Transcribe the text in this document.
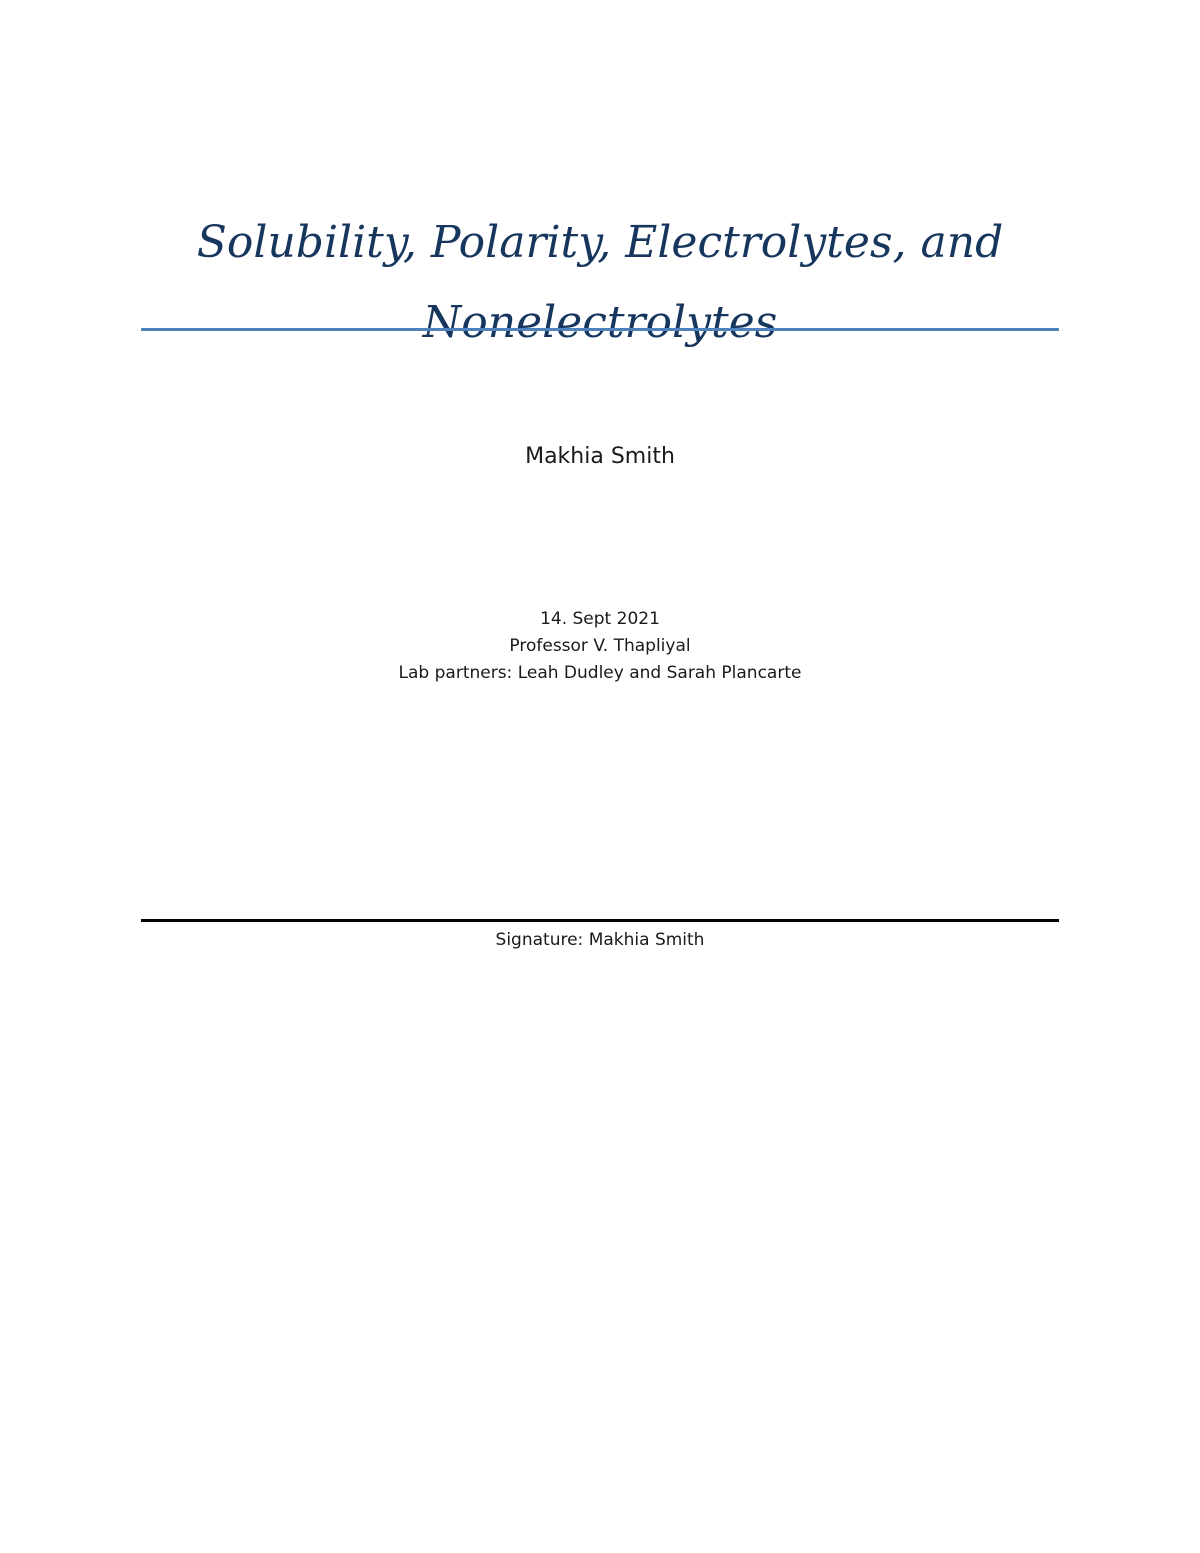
Solubility, Polarity, Electrolytes, and
Nonelectrolytes
Makhia Smith
14. Sept 2021
Professor V. Thapliyal
Lab partners: Leah Dudley and Sarah Plancarte
Signature: Makhia Smith
